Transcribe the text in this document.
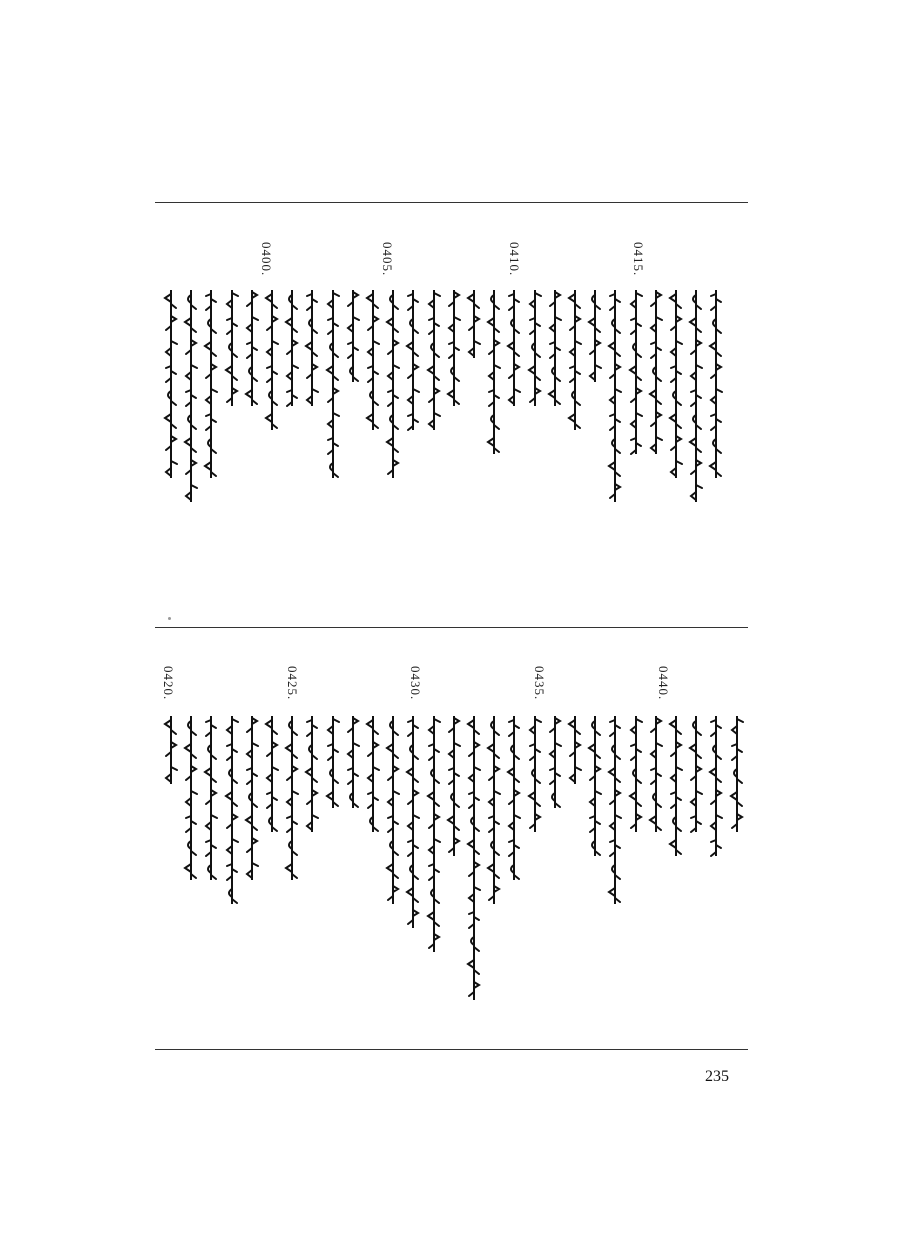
0400.	0405.	0410.	0415.
0420.	0425.	0430.	0435.	0440.
235
